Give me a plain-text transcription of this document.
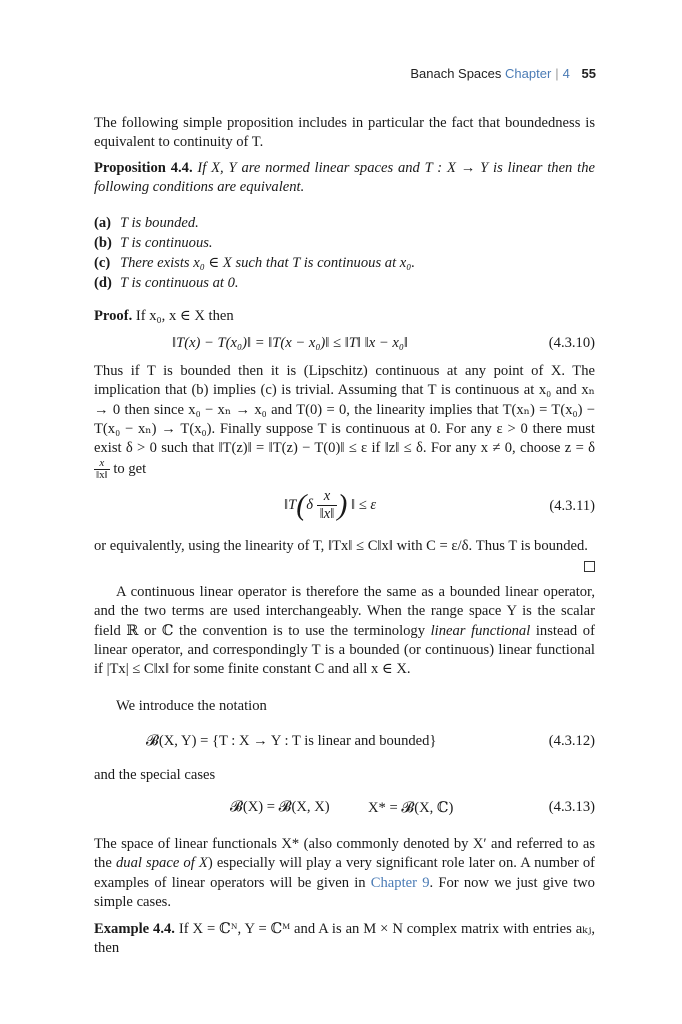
Banach Spaces Chapter | 4 55
The following simple proposition includes in particular the fact that boundedness is equivalent to continuity of T.
Proposition 4.4. If X, Y are normed linear spaces and T : X → Y is linear then the following conditions are equivalent.
(a) T is bounded.
(b) T is continuous.
(c) There exists x₀ ∈ X such that T is continuous at x₀.
(d) T is continuous at 0.
Proof. If x₀, x ∈ X then
‖T(x) − T(x₀)‖ = ‖T(x − x₀)‖ ≤ ‖T‖ ‖x − x₀‖	(4.3.10)
Thus if T is bounded then it is (Lipschitz) continuous at any point of X. The implication that (b) implies (c) is trivial. Assuming that T is continuous at x₀ and xₙ → 0 then since x₀ − xₙ → x₀ and T(0) = 0, the linearity implies that T(xₙ) = T(x₀) − T(x₀ − xₙ) → T(x₀). Finally suppose T is continuous at 0. For any ε > 0 there must exist δ > 0 such that ‖T(z)‖ = ‖T(z) − T(0)‖ ≤ ε if ‖z‖ ≤ δ. For any x ≠ 0, choose z = δ
$\frac{x}{‖x‖}$ to get
‖T(δ $\frac{x}{‖x‖}$ ) ‖ ≤ ε	(4.3.11)
or equivalently, using the linearity of T, ‖Tx‖ ≤ C‖x‖ with C = ε/δ. Thus T is bounded.
A continuous linear operator is therefore the same as a bounded linear operator, and the two terms are used interchangeably. When the range space Y is the scalar field ℝ or ℂ the convention is to use the terminology linear functional instead of linear operator, and correspondingly T is a bounded (or continuous) linear functional if |Tx| ≤ C‖x‖ for some finite constant C and all x ∈ X.
We introduce the notation
𝓑(X, Y) = {T : X → Y : T is linear and bounded}	(4.3.12)
and the special cases
𝓑(X) = 𝓑(X, X)	X* = 𝓑(X, ℂ)	(4.3.13)
The space of linear functionals X* (also commonly denoted by X′ and referred to as the dual space of X) especially will play a very significant role later on. A number of examples of linear operators will be given in Chapter 9. For now we just give two simple cases.
Example 4.4. If X = ℂᴺ, Y = ℂᴹ and A is an M × N complex matrix with entries aₖⱼ, then
